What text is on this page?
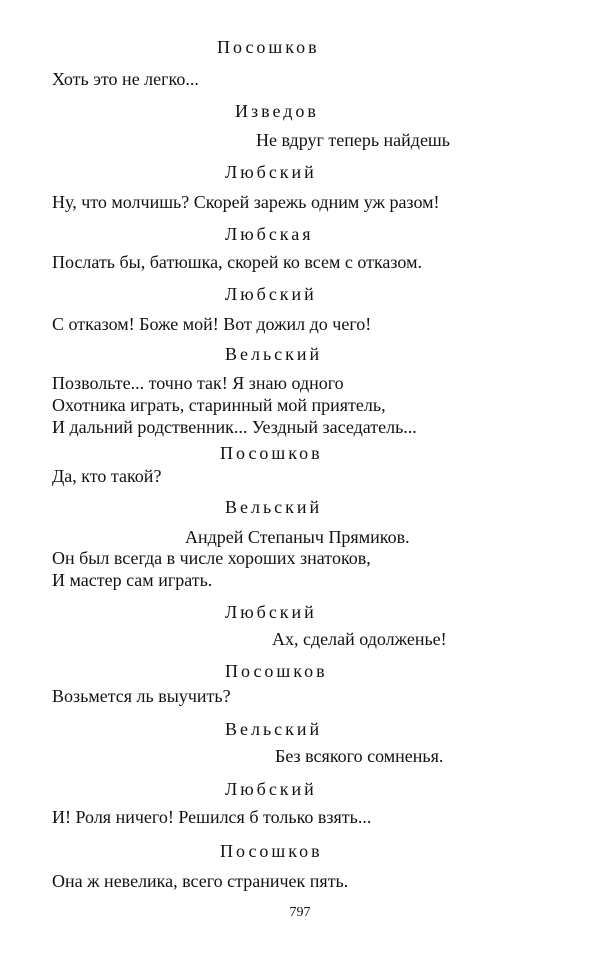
Посошков
Хоть это не легко...
Изведов
Не вдруг теперь найдешь
Любский
Ну, что молчишь? Скорей зарежь одним уж разом!
Любская
Послать бы, батюшка, скорей ко всем с отказом.
Любский
С отказом! Боже мой! Вот дожил до чего!
Вельский
Позвольте... точно так! Я знаю одного
Охотника играть, старинный мой приятель,
И дальний родственник... Уездный заседатель...
Посошков
Да, кто такой?
Вельский
Андрей Степаныч Прямиков.
Он был всегда в числе хороших знатоков,
И мастер сам играть.
Любский
Ах, сделай одолженье!
Посошков
Возьмется ль выучить?
Вельский
Без всякого сомненья.
Любский
И! Роля ничего! Решился б только взять...
Посошков
Она ж невелика, всего страничек пять.
797
